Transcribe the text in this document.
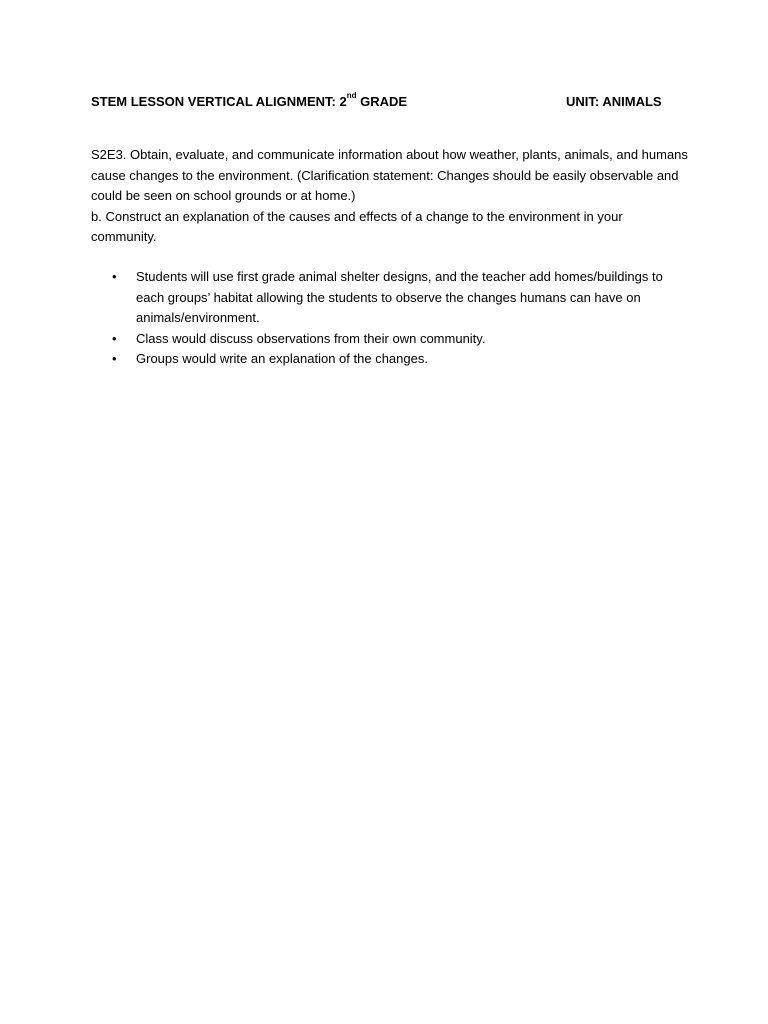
STEM LESSON VERTICAL ALIGNMENT: 2nd GRADE	UNIT: ANIMALS

S2E3. Obtain, evaluate, and communicate information about how weather, plants, animals, and humans cause changes to the environment. (Clarification statement: Changes should be easily observable and could be seen on school grounds or at home.)

b. Construct an explanation of the causes and effects of a change to the environment in your community.

• Students will use first grade animal shelter designs, and the teacher add homes/buildings to each groups’ habitat allowing the students to observe the changes humans can have on animals/environment.
• Class would discuss observations from their own community.
• Groups would write an explanation of the changes.
